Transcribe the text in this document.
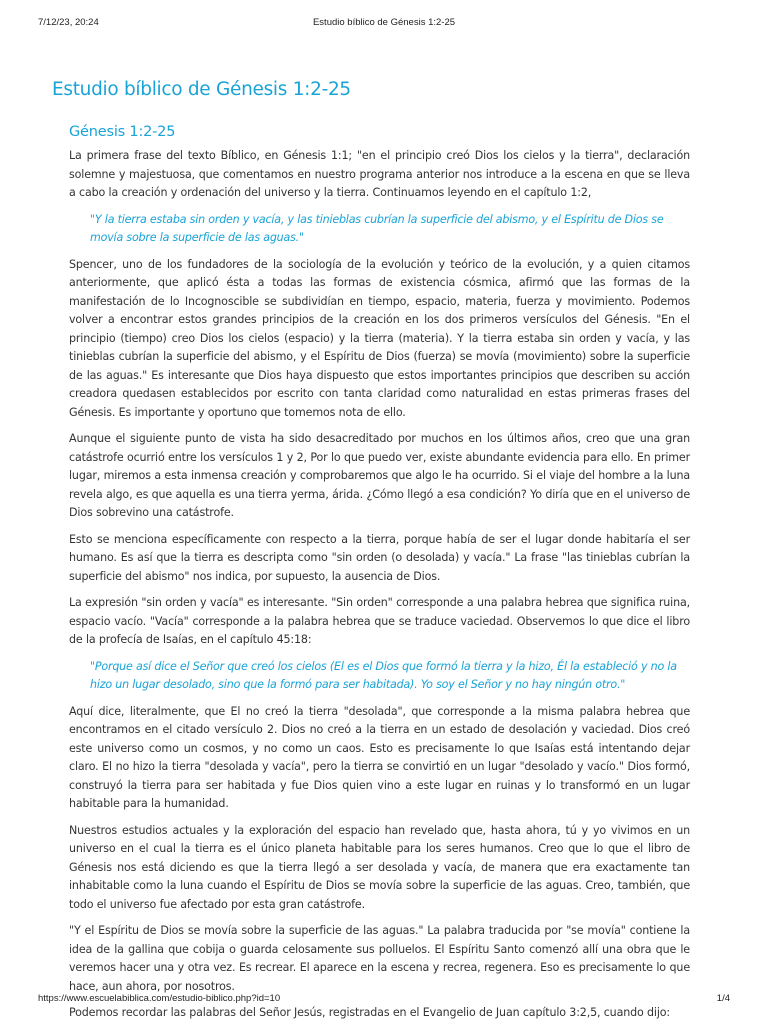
7/12/23, 20:24	Estudio bíblico de Génesis 1:2-25
Estudio bíblico de Génesis 1:2-25
Génesis 1:2-25

La primera frase del texto Bíblico, en Génesis 1:1; "en el principio creó Dios los cielos y la tierra", declaración solemne y majestuosa, que comentamos en nuestro programa anterior nos introduce a la escena en que se lleva a cabo la creación y ordenación del universo y la tierra. Continuamos leyendo en el capítulo 1:2,

"Y la tierra estaba sin orden y vacía, y las tinieblas cubrían la superficie del abismo, y el Espíritu de Dios se movía sobre la superficie de las aguas."

Spencer, uno de los fundadores de la sociología de la evolución y teórico de la evolución, y a quien citamos anteriormente, que aplicó ésta a todas las formas de existencia cósmica, afirmó que las formas de la manifestación de lo Incognoscible se subdividían en tiempo, espacio, materia, fuerza y movimiento. Podemos volver a encontrar estos grandes principios de la creación en los dos primeros versículos del Génesis. "En el principio (tiempo) creo Dios los cielos (espacio) y la tierra (materia). Y la tierra estaba sin orden y vacía, y las tinieblas cubrían la superficie del abismo, y el Espíritu de Dios (fuerza) se movía (movimiento) sobre la superficie de las aguas." Es interesante que Dios haya dispuesto que estos importantes principios que describen su acción creadora quedasen establecidos por escrito con tanta claridad como naturalidad en estas primeras frases del Génesis. Es importante y oportuno que tomemos nota de ello.

Aunque el siguiente punto de vista ha sido desacreditado por muchos en los últimos años, creo que una gran catástrofe ocurrió entre los versículos 1 y 2, Por lo que puedo ver, existe abundante evidencia para ello. En primer lugar, miremos a esta inmensa creación y comprobaremos que algo le ha ocurrido. Si el viaje del hombre a la luna revela algo, es que aquella es una tierra yerma, árida. ¿Cómo llegó a esa condición? Yo diría que en el universo de Dios sobrevino una catástrofe.

Esto se menciona específicamente con respecto a la tierra, porque había de ser el lugar donde habitaría el ser humano. Es así que la tierra es descripta como "sin orden (o desolada) y vacía." La frase "las tinieblas cubrían la superficie del abismo" nos indica, por supuesto, la ausencia de Dios.

La expresión "sin orden y vacía" es interesante. "Sin orden" corresponde a una palabra hebrea que significa ruina, espacio vacío. "Vacía" corresponde a la palabra hebrea que se traduce vaciedad. Observemos lo que dice el libro de la profecía de Isaías, en el capítulo 45:18:

"Porque así dice el Señor que creó los cielos (El es el Dios que formó la tierra y la hizo, Él la estableció y no la hizo un lugar desolado, sino que la formó para ser habitada). Yo soy el Señor y no hay ningún otro."

Aquí dice, literalmente, que El no creó la tierra "desolada", que corresponde a la misma palabra hebrea que encontramos en el citado versículo 2. Dios no creó a la tierra en un estado de desolación y vaciedad. Dios creó este universo como un cosmos, y no como un caos. Esto es precisamente lo que Isaías está intentando dejar claro. El no hizo la tierra "desolada y vacía", pero la tierra se convirtió en un lugar "desolado y vacío." Dios formó, construyó la tierra para ser habitada y fue Dios quien vino a este lugar en ruinas y lo transformó en un lugar habitable para la humanidad.

Nuestros estudios actuales y la exploración del espacio han revelado que, hasta ahora, tú y yo vivimos en un universo en el cual la tierra es el único planeta habitable para los seres humanos. Creo que lo que el libro de Génesis nos está diciendo es que la tierra llegó a ser desolada y vacía, de manera que era exactamente tan inhabitable como la luna cuando el Espíritu de Dios se movía sobre la superficie de las aguas. Creo, también, que todo el universo fue afectado por esta gran catástrofe.

"Y el Espíritu de Dios se movía sobre la superficie de las aguas." La palabra traducida por "se movía" contiene la idea de la gallina que cobija o guarda celosamente sus polluelos. El Espíritu Santo comenzó allí una obra que le veremos hacer una y otra vez. Es recrear. El aparece en la escena y recrea, regenera. Eso es precisamente lo que hace, aun ahora, por nosotros.

Podemos recordar las palabras del Señor Jesús, registradas en el Evangelio de Juan capítulo 3:2,5, cuando dijo:

https://www.escuelabiblica.com/estudio-biblico.php?id=10	1/4
